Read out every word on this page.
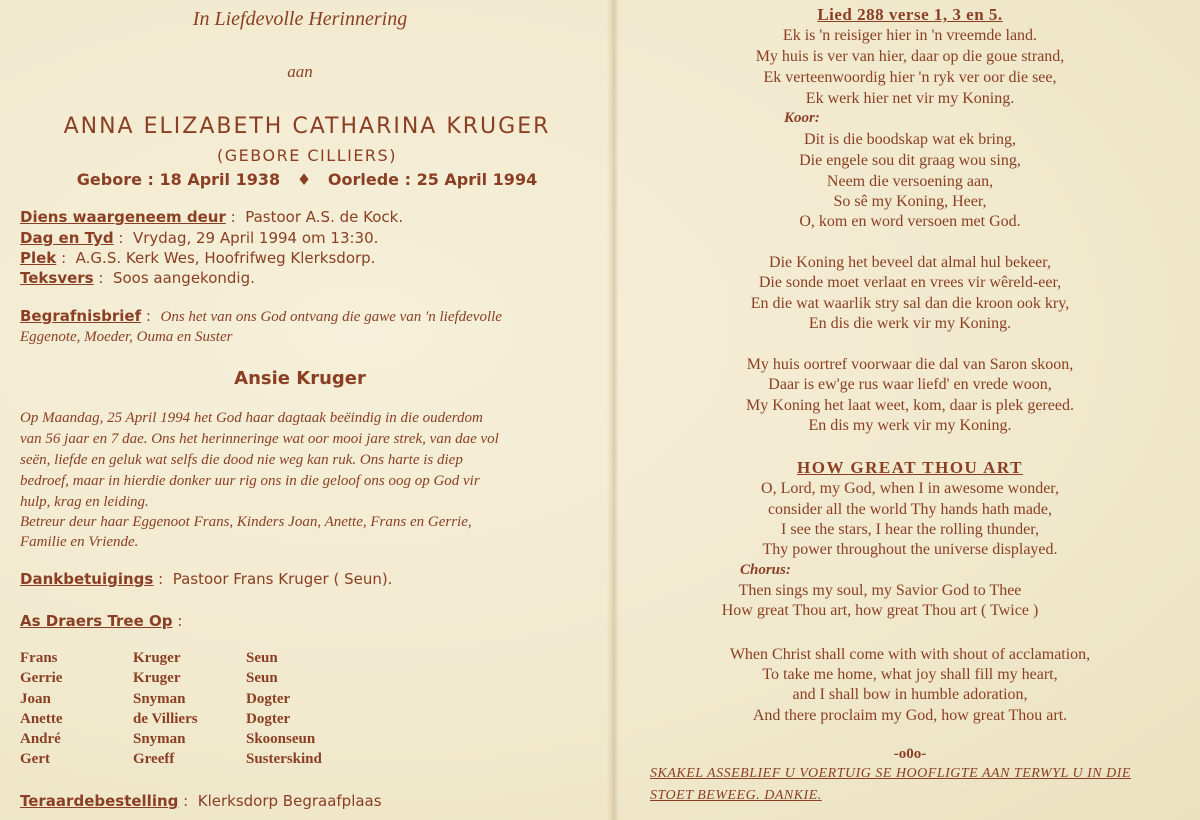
In Liefdevolle Herinnering
aan
ANNA ELIZABETH CATHARINA KRUGER
(GEBORE CILLIERS)
Gebore : 18 April 1938 ♦ Oorlede : 25 April 1994
Diens waargeneem deur :  Pastoor A.S. de Kock.
Dag en Tyd :  Vrydag, 29 April 1994 om 13:30.
Plek :  A.G.S. Kerk Wes, Hoofrifweg Klerksdorp.
Teksvers :  Soos aangekondig.
Begrafnisbrief :  Ons het van ons God ontvang die gawe van 'n liefdevolle
Eggenote, Moeder, Ouma en Suster
Ansie Kruger
Op Maandag, 25 April 1994 het God haar dagtaak beëindig in die ouderdom
van 56 jaar en 7 dae. Ons het herinneringe wat oor mooi jare strek, van dae vol
seën, liefde en geluk wat selfs die dood nie weg kan ruk. Ons harte is diep
bedroef, maar in hierdie donker uur rig ons in die geloof ons oog op God vir
hulp, krag en leiding.
Betreur deur haar Eggenoot Frans, Kinders Joan, Anette, Frans en Gerrie,
Familie en Vriende.
Dankbetuigings :  Pastoor Frans Kruger ( Seun).
As Draers Tree Op :
Frans	Kruger	Seun
Gerrie	Kruger	Seun
Joan	Snyman	Dogter
Anette	de Villiers	Dogter
André	Snyman	Skoonseun
Gert	Greeff	Susterskind
Teraardebestelling :  Klerksdorp Begraafplaas
Lied 288 verse 1, 3 en 5.
Ek is 'n reisiger hier in 'n vreemde land.
My huis is ver van hier, daar op die goue strand,
Ek verteenwoordig hier 'n ryk ver oor die see,
Ek werk hier net vir my Koning.
Koor:
Dit is die boodskap wat ek bring,
Die engele sou dit graag wou sing,
Neem die versoening aan,
So sê my Koning, Heer,
O, kom en word versoen met God.
Die Koning het beveel dat almal hul bekeer,
Die sonde moet verlaat en vrees vir wêreld-eer,
En die wat waarlik stry sal dan die kroon ook kry,
En dis die werk vir my Koning.
My huis oortref voorwaar die dal van Saron skoon,
Daar is ew'ge rus waar liefd' en vrede woon,
My Koning het laat weet, kom, daar is plek gereed.
En dis my werk vir my Koning.
HOW GREAT THOU ART
O, Lord, my God, when I in awesome wonder,
consider all the world Thy hands hath made,
I see the stars, I hear the rolling thunder,
Thy power throughout the universe displayed.
Chorus:
Then sings my soul, my Savior God to Thee
How great Thou art, how great Thou art ( Twice )
When Christ shall come with with shout of acclamation,
To take me home, what joy shall fill my heart,
and I shall bow in humble adoration,
And there proclaim my God, how great Thou art.
-o0o-
SKAKEL ASSEBLIEF U VOERTUIG SE HOOFLIGTE AAN TERWYL U IN DIE
STOET BEWEEG. DANKIE.
